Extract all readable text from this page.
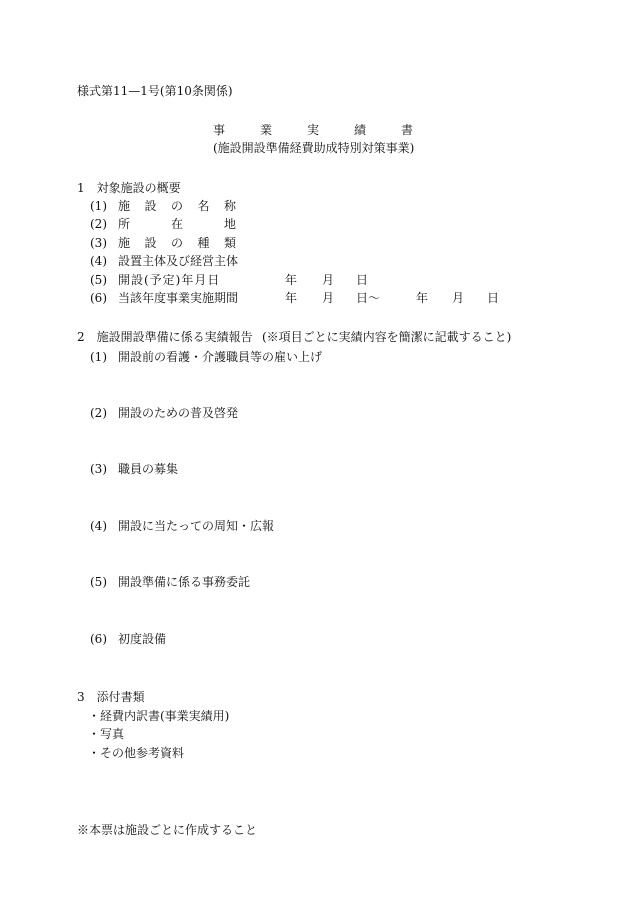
様式第11—1号(第10条関係)
事	業	実	績	書
(施設開設準備経費助成特別対策事業)
1　対象施設の概要
(1) 施 設 の 名 称
(2) 所	在	地
(3) 施 設 の 種 類
(4) 設置主体及び経営主体
(5) 開設(予定)年月日	年 月 日
(6) 当該年度事業実施期間	年 月 日〜	年 月 日
2　施設開設準備に係る実績報告 (※項目ごとに実績内容を簡潔に記載すること)
(1) 開設前の看護・介護職員等の雇い上げ
(2) 開設のための普及啓発
(3) 職員の募集
(4) 開設に当たっての周知・広報
(5) 開設準備に係る事務委託
(6) 初度設備
3　添付書類
・経費内訳書(事業実績用)
・写真
・その他参考資料
※本票は施設ごとに作成すること
